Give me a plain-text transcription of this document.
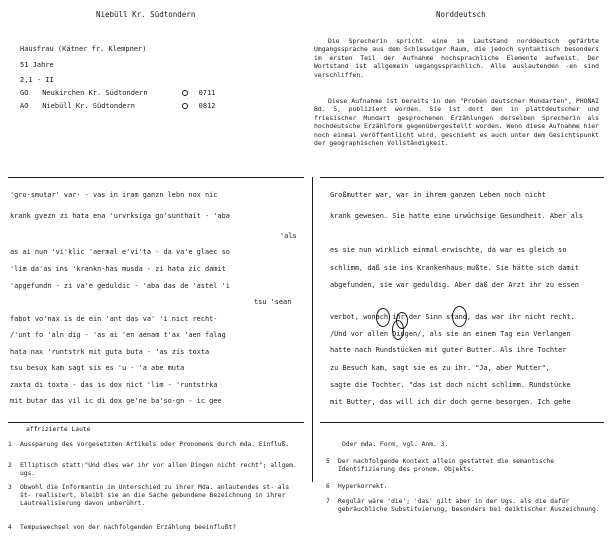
Niebüll Kr. Südtondern	Norddeutsch
Hausfrau (Kätner fr. Klempner)
51 Jahre
2,1 - II
GO Neukirchen Kr. Südtondern	0711
AO Niebüll Kr. Südtondern	0812
Die Sprecherin spricht eine im Lautstand norddeutsch gefärbte Umgangssprache aus dem Schleswiger Raum, die jedoch syntaktisch besonders im ersten Teil der Aufnahme hochsprachliche Elemente aufweist. Der Wortstand ist allgemein umgangssprachlich. Alle auslautenden -en sind verschliffen.
Diese Aufnahme ist bereits in den "Proben deutscher Mundarten", PHONAI Bd. 5, publiziert worden. Sie ist dort den in plattdeutscher und friesischer Mundart gesprochenen Erzählungen derselben Sprecherin als hochdeutsche Erzählform gegenübergestellt worden. Wenn diese Aufnahme hier noch einmal veröffentlicht wird, geschieht es auch unter dem Gesichtspunkt der geographischen Vollständigkeit.
'gro·smutar' var· - vas in iram ganzn lebn nox nic
krank gvezn zi hata ena 'urvrksiga go'sunthait - 'aba
'als
as ai nun 'vi'klic 'aermal e'vi'ta - da va'e glaec so
'lim da'as ins 'krankn-has musda - zi hata zic damit
'apgefundn - zi va'e geduldic - 'aba das de 'astel 'i
tsu 'sean
fabot vo'nax is de ein 'ant das va' 'i nict recht-
/'unt fo 'aln dig - 'as ai 'en aenam t'ax 'aen falag
hata nax 'runtstrk mit guta buta - 'as zis toxta
tsu besux kam sagt sis es 'u - 'a abe muta
zaxta di toxta - das is dox nict 'lim - 'runtstrka
mit butar das vil ic di dox ge'ne ba'so-gn - ic gee
Großmutter war, war in ihrem ganzen Leben noch nicht
krank gewesen. Sie hatte eine urwüchsige Gesundheit. Aber als
es sie nun wirklich einmal erwischte, da war es gleich so
schlimm, daß sie ins Krankenhaus mußte. Sie hätte sich damit
abgefunden, sie war geduldig. Aber daß der Arzt ihr zu essen
verbot, wonach ihr der Sinn stand, das war ihr nicht recht.
/Und vor allen Dingen/, als sie an einem Tag ein Verlangen
hatte nach Rundstücken mit guter Butter. Als ihre Tochter
zu Besuch kam, sagt sie es zu ihr. "Ja, aber Mutter",
sagte die Tochter. "das ist doch nicht schlimm. Rundstücke
mit Butter, das will ich dir doch gerne besorgen. Ich gehe
affrizierte Laute
1	Aussparung des vorgesetzten Artikels oder Pronomens durch mda. Einfluß.
2	Elliptisch statt:"Und dies war ihr vor allen Dingen nicht recht"; allgem. ugs.
3	Obwohl die Informantin im Unterschied zu ihrer Mda. anlautendes st- als št- realisiert, bleibt sie an die Sache gebundene Bezeichnung in ihrer Lautrealisierung davon unberührt.
4	Tempuswechsel von der nachfolgenden Erzählung beeinflußt?
Oder mda. Form, vgl. Anm. 3.
5	Der nachfolgende Kontext allein gestattet die semantische Identifizierung des pronom. Objekts.
6	Hyperkorrekt.
7	Regulär wäre 'die'; 'das' gilt aber in der Ugs. als die dafür gebräuchliche Substituierung, besonders bei deiktischer Auszeichnung.
